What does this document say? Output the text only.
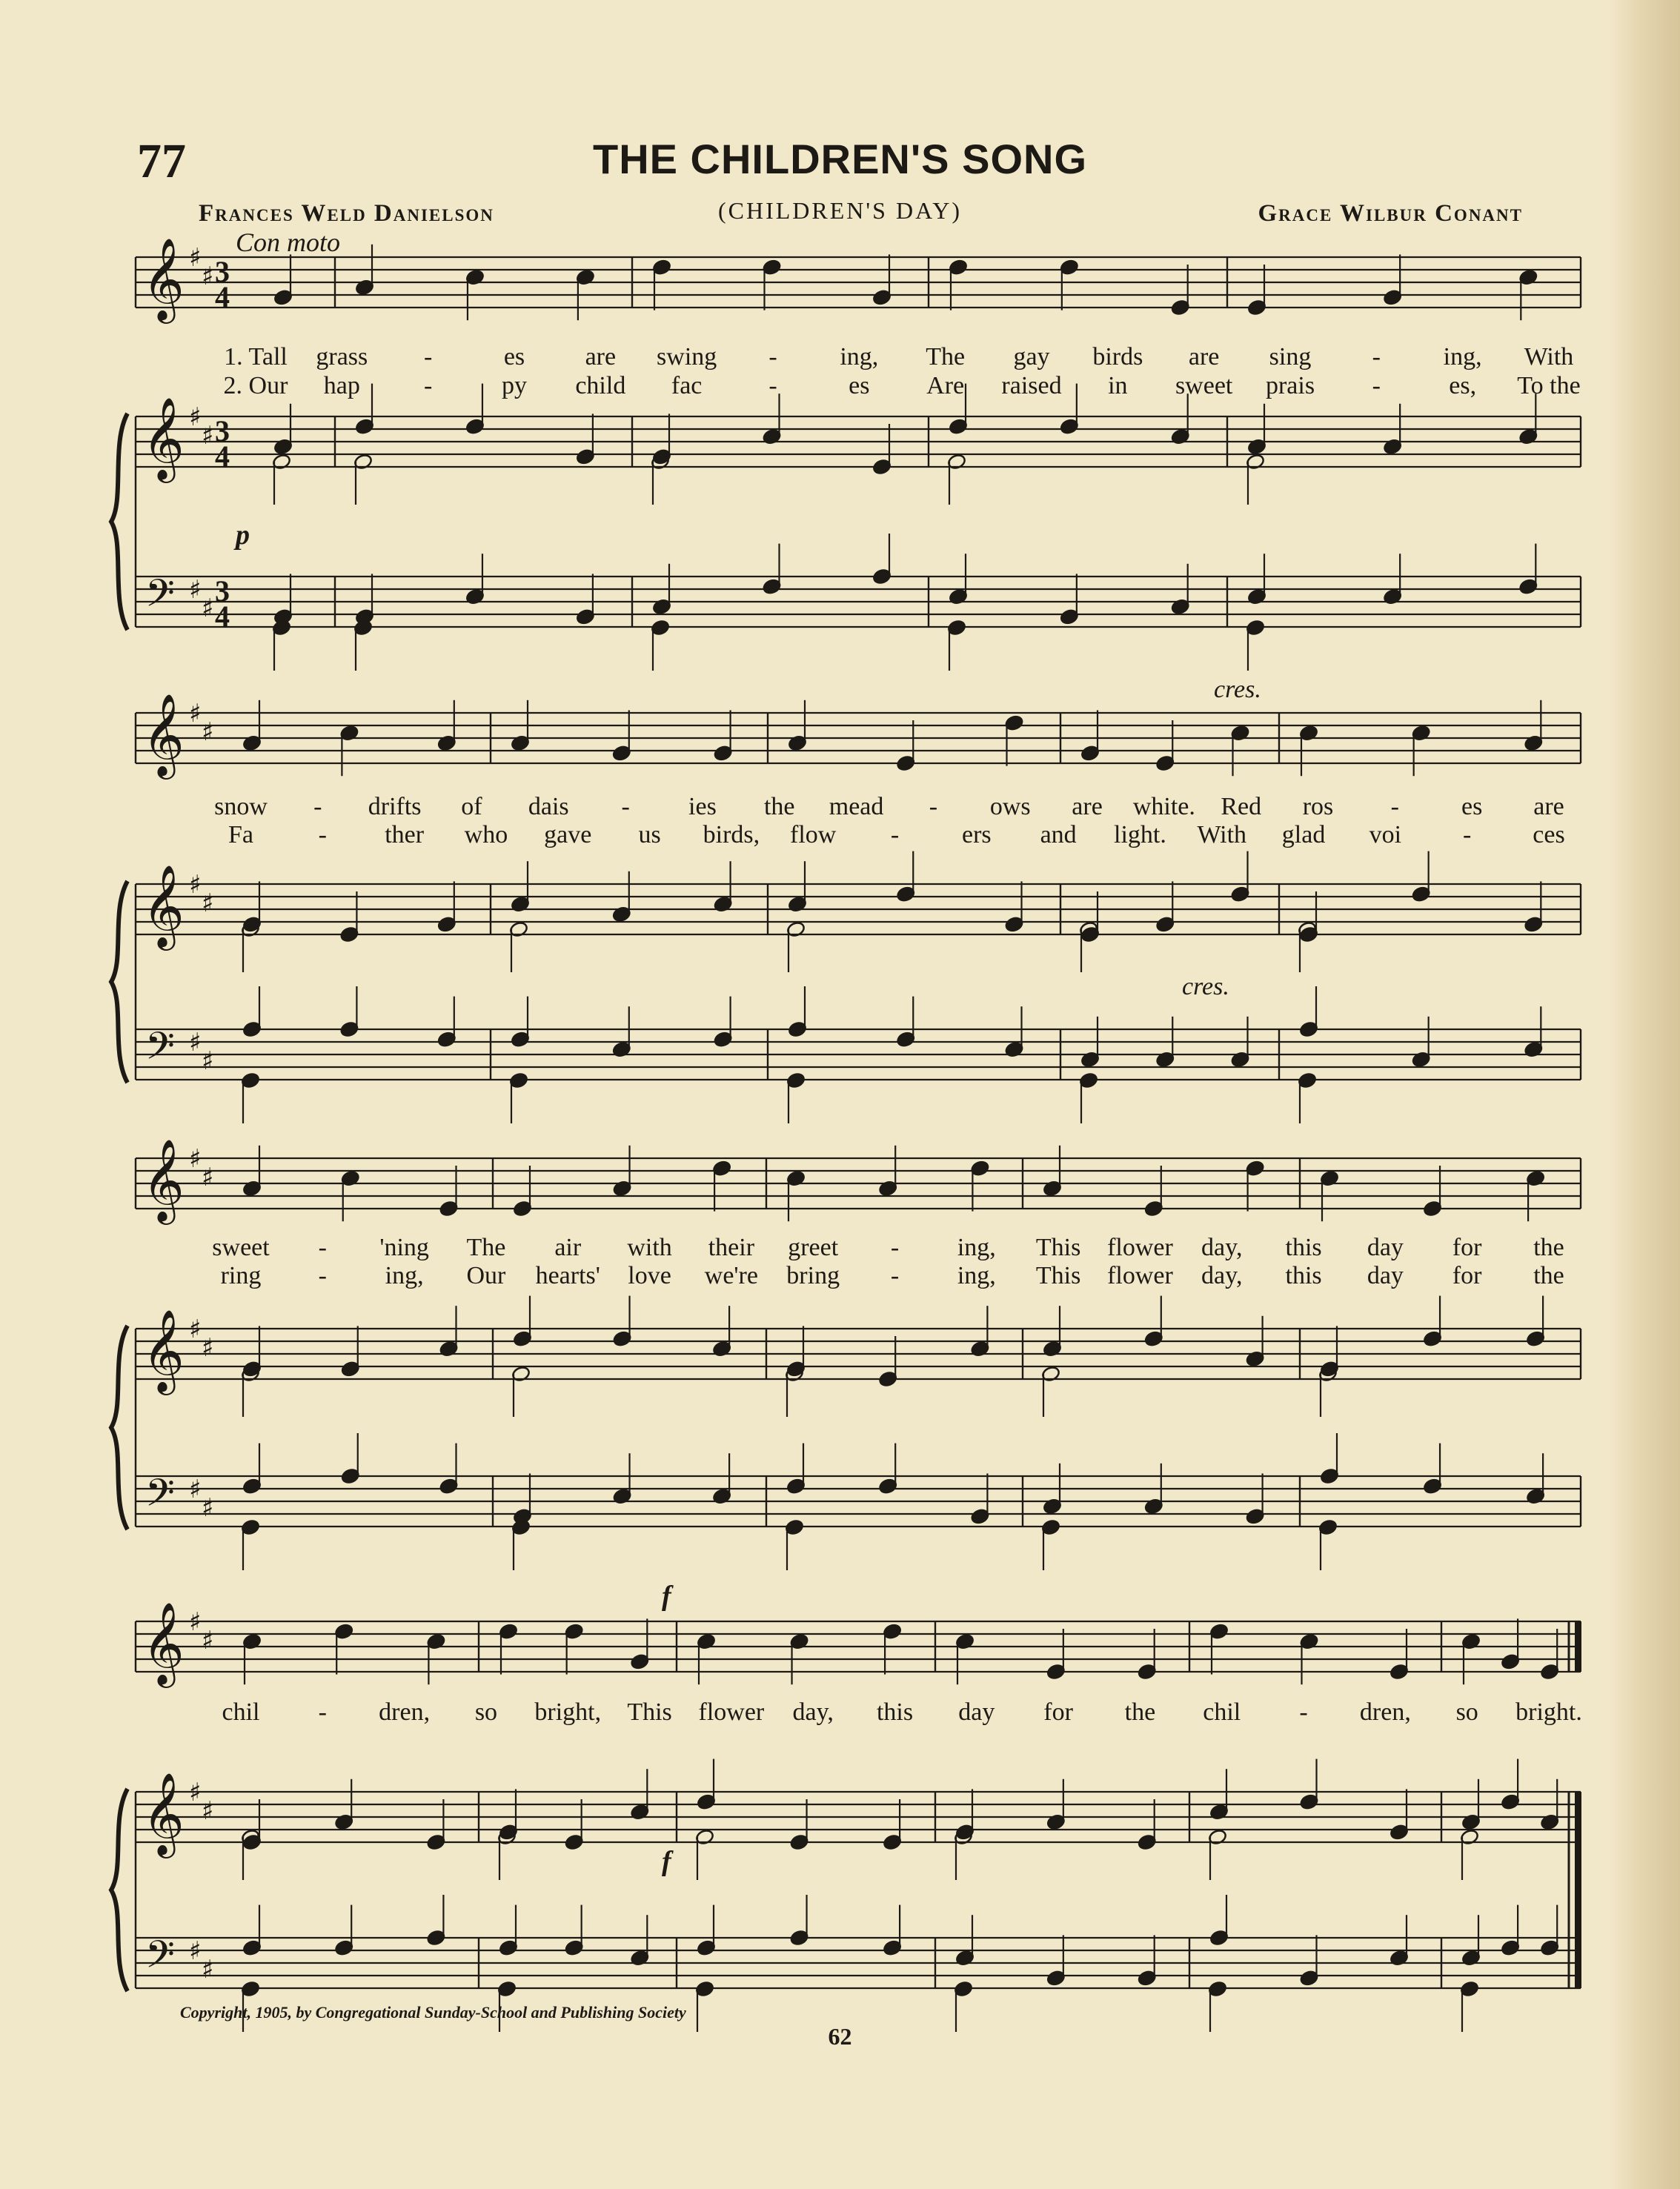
77	THE CHILDREN'S SONG
Frances Weld Danielson	(CHILDREN'S DAY)	Grace Wilbur Conant
Con moto
𝄞
𝄞
𝄢
♯
♯
♯
♯
♯
♯
3
4
3
4
3
4
𝄞
𝄞
𝄢
♯
♯
♯
♯
♯
♯
𝄞
𝄞
𝄢
♯
♯
♯
♯
♯
♯
𝄞
𝄞
𝄢
♯
♯
♯
♯
♯
♯
1. Tall grass -	es are swing - ing, The gay birds are sing - ing, With
2. Our hap	-	py child fac	-	es Are raised in sweet prais -	es, To the
snow - drifts of dais - ies the mead - ows are white. Red ros - es are
Fa	- ther who gave us birds, flow - ers and light. With glad voi - ces
sweet - 'ning The air with their greet - ing, This flower day, this day for the
ring - ing, Our hearts' love we're bring - ing, This flower day, this day for the
chil - dren, so bright, This flower day, this day for the chil - dren, so bright.
p
cres.
cres.
f
f
Copyright, 1905, by Congregational Sunday-School and Publishing Society
62
